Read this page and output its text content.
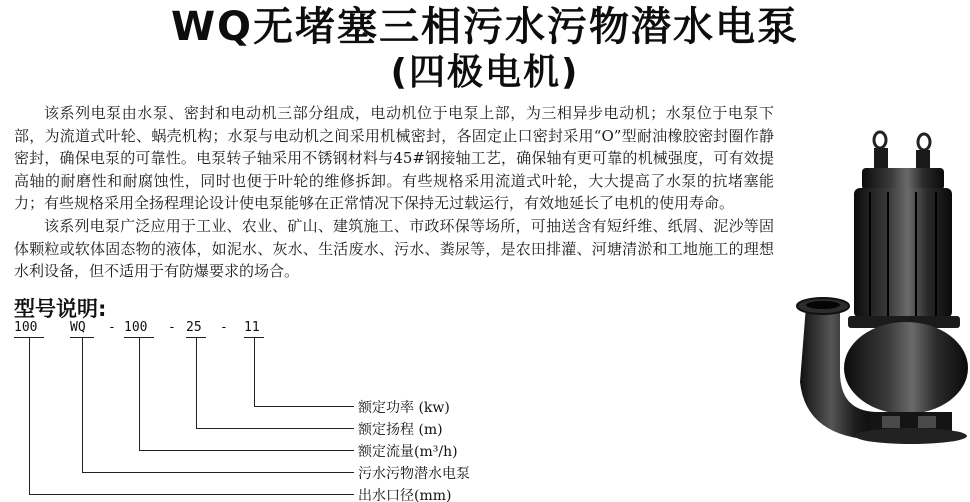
WQ无堵塞三相污水污物潜水电泵
(四极电机)

该系列电泵由水泵、密封和电动机三部分组成，电动机位于电泵上部，为三相异步电动机；水泵位于电泵下部，为流道式叶轮、蜗壳机构；水泵与电动机之间采用机械密封，各固定止口密封采用“O”型耐油橡胶密封圈作静密封，确保电泵的可靠性。电泵转子轴采用不锈钢材料与45#钢接轴工艺，确保轴有更可靠的机械强度，可有效提高轴的耐磨性和耐腐蚀性，同时也便于叶轮的维修拆卸。有些规格采用流道式叶轮，大大提高了水泵的抗堵塞能力；有些规格采用全扬程理论设计使电泵能够在正常情况下保持无过载运行，有效地延长了电机的使用寿命。

该系列电泵广泛应用于工业、农业、矿山、建筑施工、市政环保等场所，可抽送含有短纤维、纸屑、泥沙等固体颗粒或软体固态物的液体，如泥水、灰水、生活废水、污水、粪尿等，是农田排灌、河塘清淤和工地施工的理想水利设备，但不适用于有防爆要求的场合。

型号说明:
100	WQ - 100 - 25 - 11
额定功率 (kw)
额定扬程 (m)
额定流量(m³/h)
污水污物潜水电泵
出水口径(mm)
